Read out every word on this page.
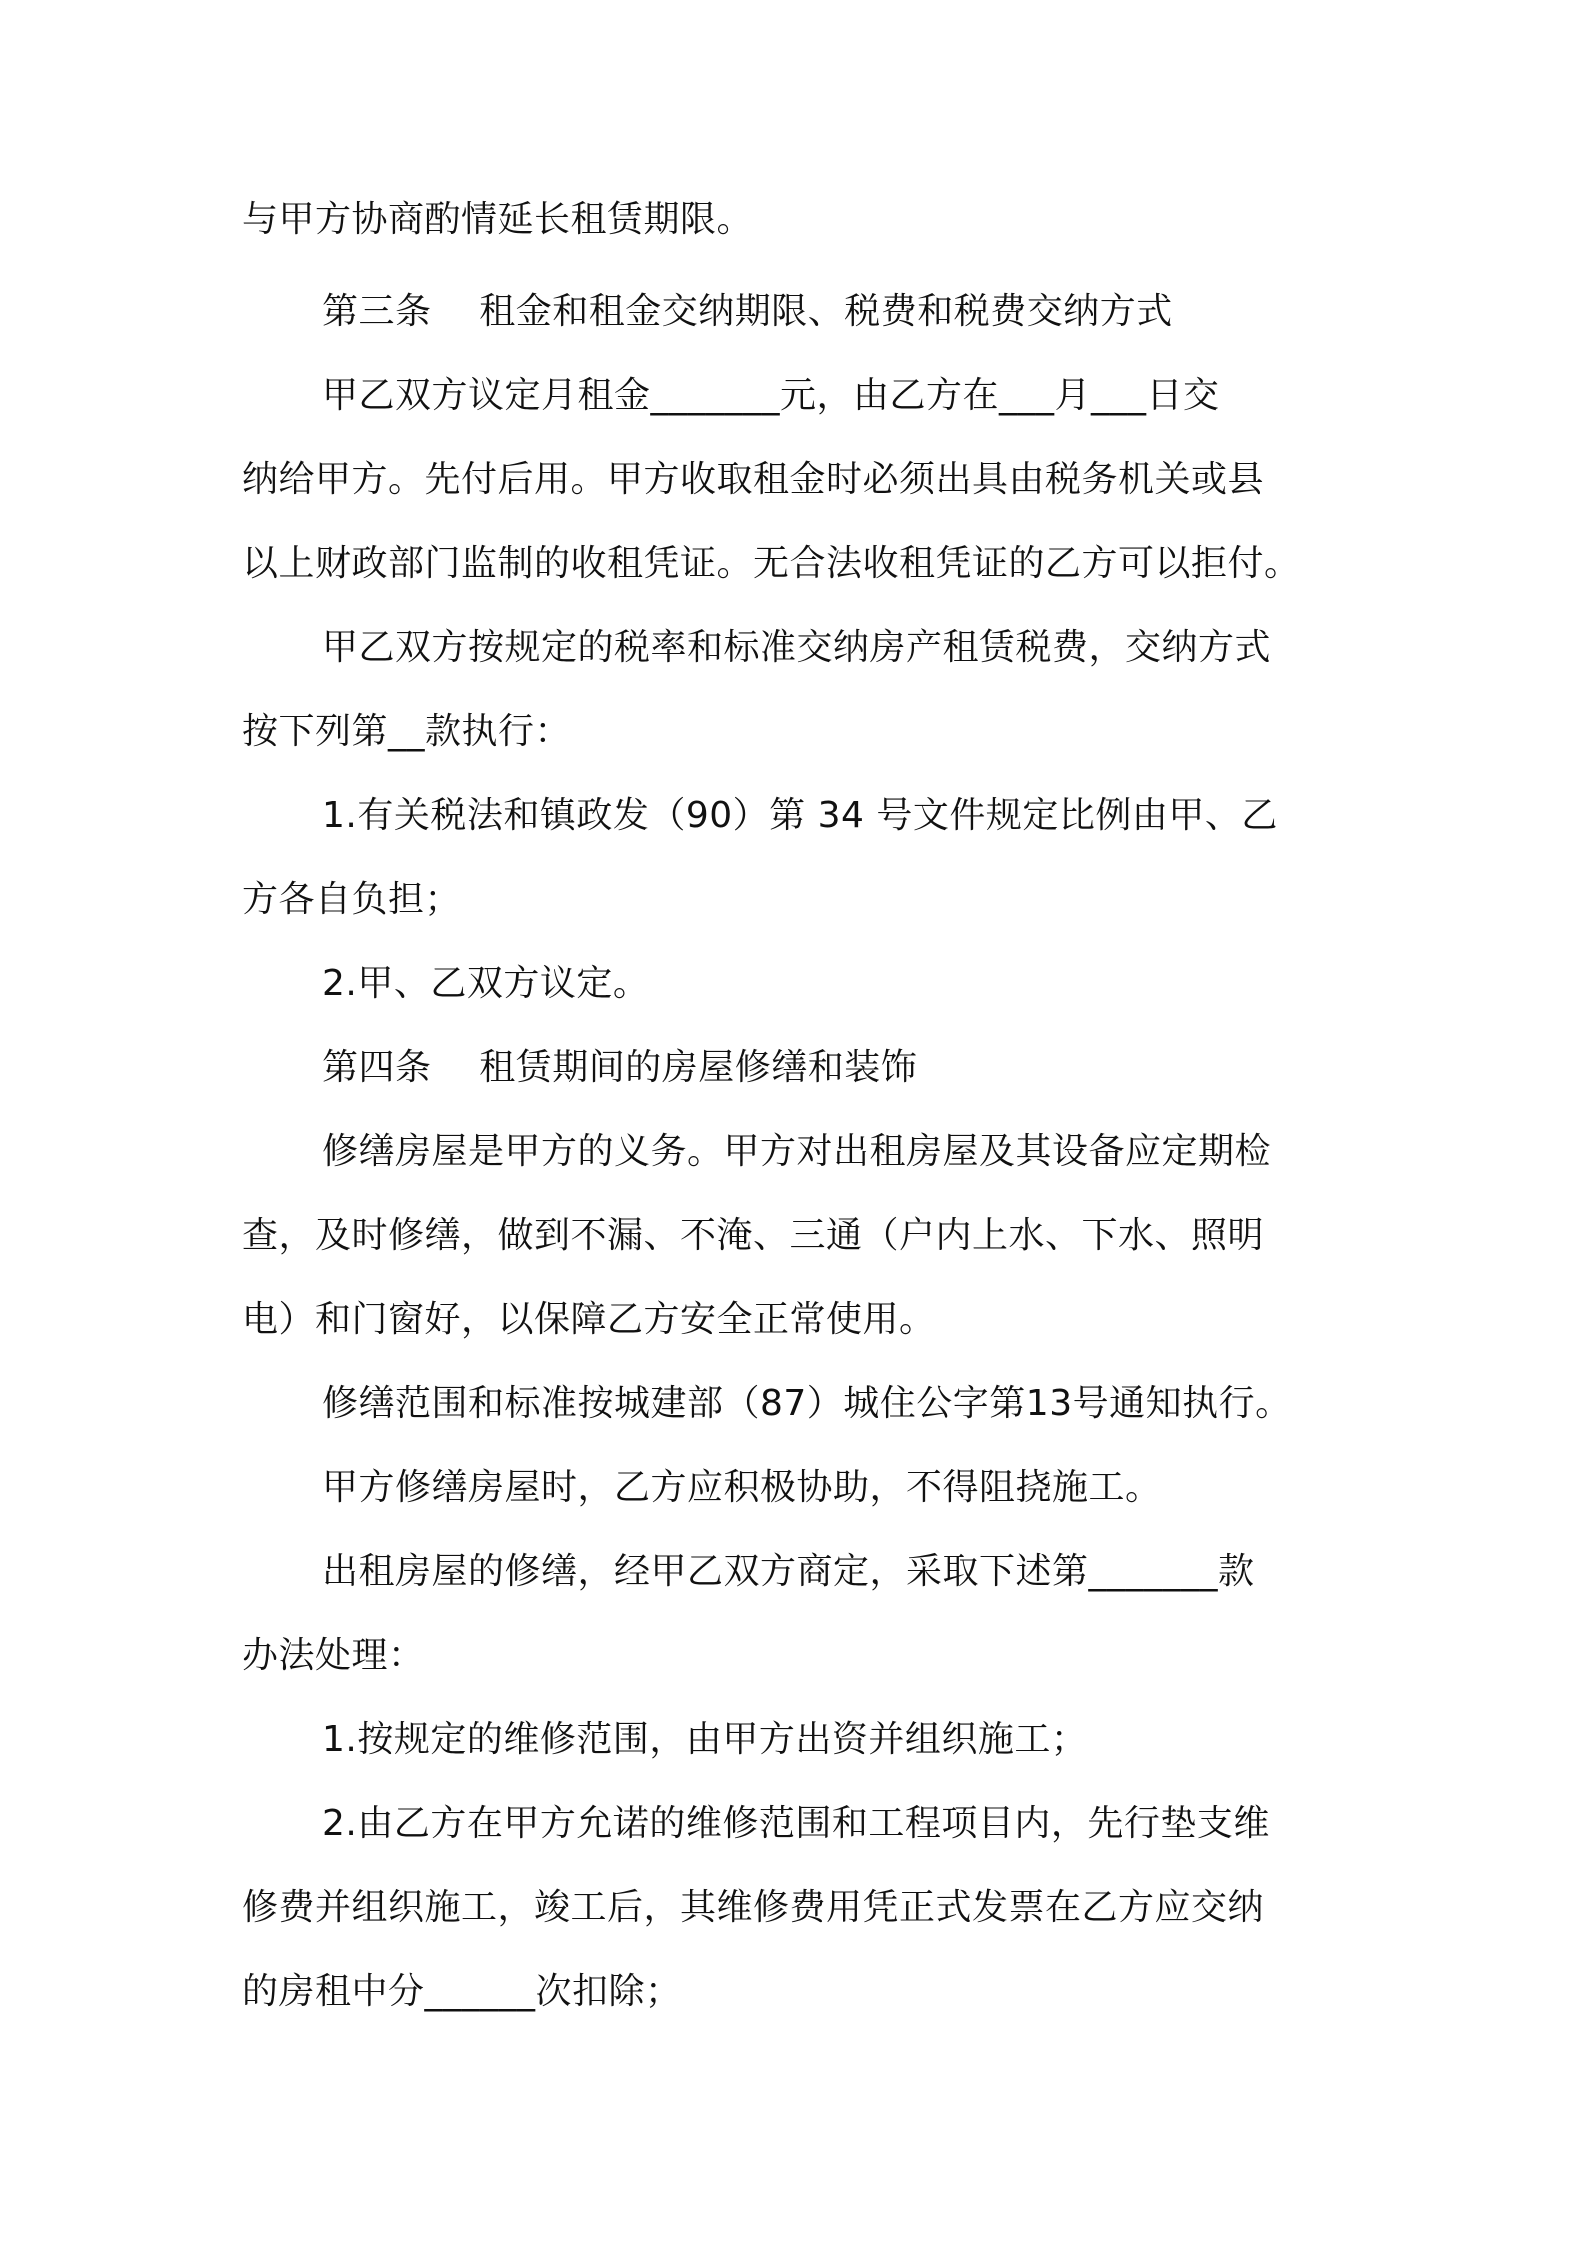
与甲方协商酌情延长租赁期限。
第三条    租金和租金交纳期限、税费和税费交纳方式
甲乙双方议定月租金_______元，由乙方在___月___日交
纳给甲方。先付后用。甲方收取租金时必须出具由税务机关或县
以上财政部门监制的收租凭证。无合法收租凭证的乙方可以拒付。
甲乙双方按规定的税率和标准交纳房产租赁税费，交纳方式
按下列第__款执行：
1.有关税法和镇政发（90）第 34 号文件规定比例由甲、乙
方各自负担；
2.甲、乙双方议定。
第四条    租赁期间的房屋修缮和装饰
修缮房屋是甲方的义务。甲方对出租房屋及其设备应定期检
查，及时修缮，做到不漏、不淹、三通（户内上水、下水、照明
电）和门窗好，以保障乙方安全正常使用。
修缮范围和标准按城建部（87）城住公字第13号通知执行。
甲方修缮房屋时，乙方应积极协助，不得阻挠施工。
出租房屋的修缮，经甲乙双方商定，采取下述第_______款
办法处理：
1.按规定的维修范围，由甲方出资并组织施工；
2.由乙方在甲方允诺的维修范围和工程项目内，先行垫支维
修费并组织施工，竣工后，其维修费用凭正式发票在乙方应交纳
的房租中分______次扣除；
